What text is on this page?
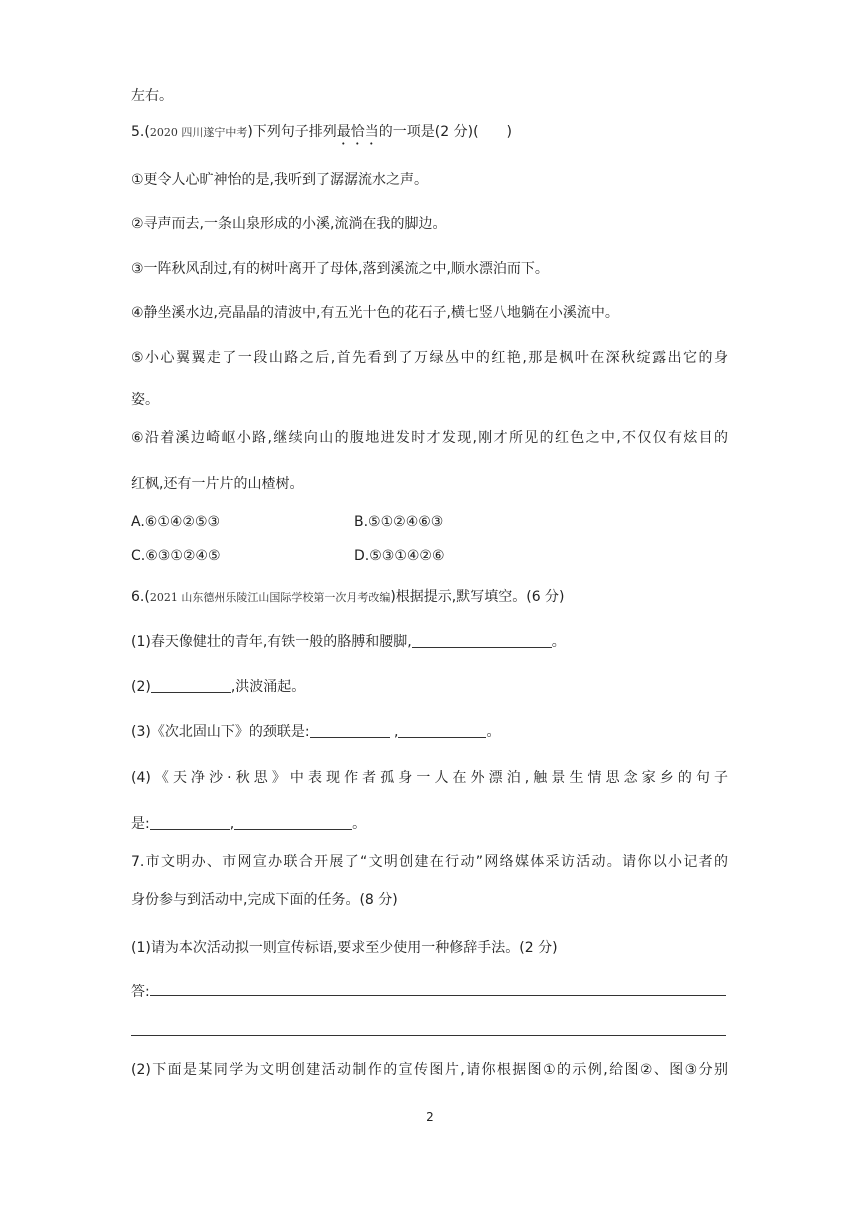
左右。
5.(2020 四川遂宁中考)下列句子排列最恰当的一项是(2 分)(　　)
①更令人心旷神怡的是,我听到了潺潺流水之声。
②寻声而去,一条山泉形成的小溪,流淌在我的脚边。
③一阵秋风刮过,有的树叶离开了母体,落到溪流之中,顺水漂泊而下。
④静坐溪水边,亮晶晶的清波中,有五光十色的花石子,横七竖八地躺在小溪流中。
⑤小心翼翼走了一段山路之后,首先看到了万绿丛中的红艳,那是枫叶在深秋绽露出它的身
姿。
⑥沿着溪边崎岖小路,继续向山的腹地进发时才发现,刚才所见的红色之中,不仅仅有炫目的
红枫,还有一片片的山楂树。
A.⑥①④②⑤③	B.⑤①②④⑥③
C.⑥③①②④⑤	D.⑤③①④②⑥
6.(2021 山东德州乐陵江山国际学校第一次月考改编)根据提示,默写填空。(6 分)
(1)春天像健壮的青年,有铁一般的胳膊和腰脚,	。
(2)	,洪波涌起。
(3)《次北固山下》的颈联是:	,	。
(4)《天净沙·秋思》中表现作者孤身一人在外漂泊,触景生情思念家乡的句子
是:	,	。
7.市文明办、市网宣办联合开展了“文明创建在行动”网络媒体采访活动。请你以小记者的
身份参与到活动中,完成下面的任务。(8 分)
(1)请为本次活动拟一则宣传标语,要求至少使用一种修辞手法。(2 分)
答:
(2)下面是某同学为文明创建活动制作的宣传图片,请你根据图①的示例,给图②、图③分别
2
